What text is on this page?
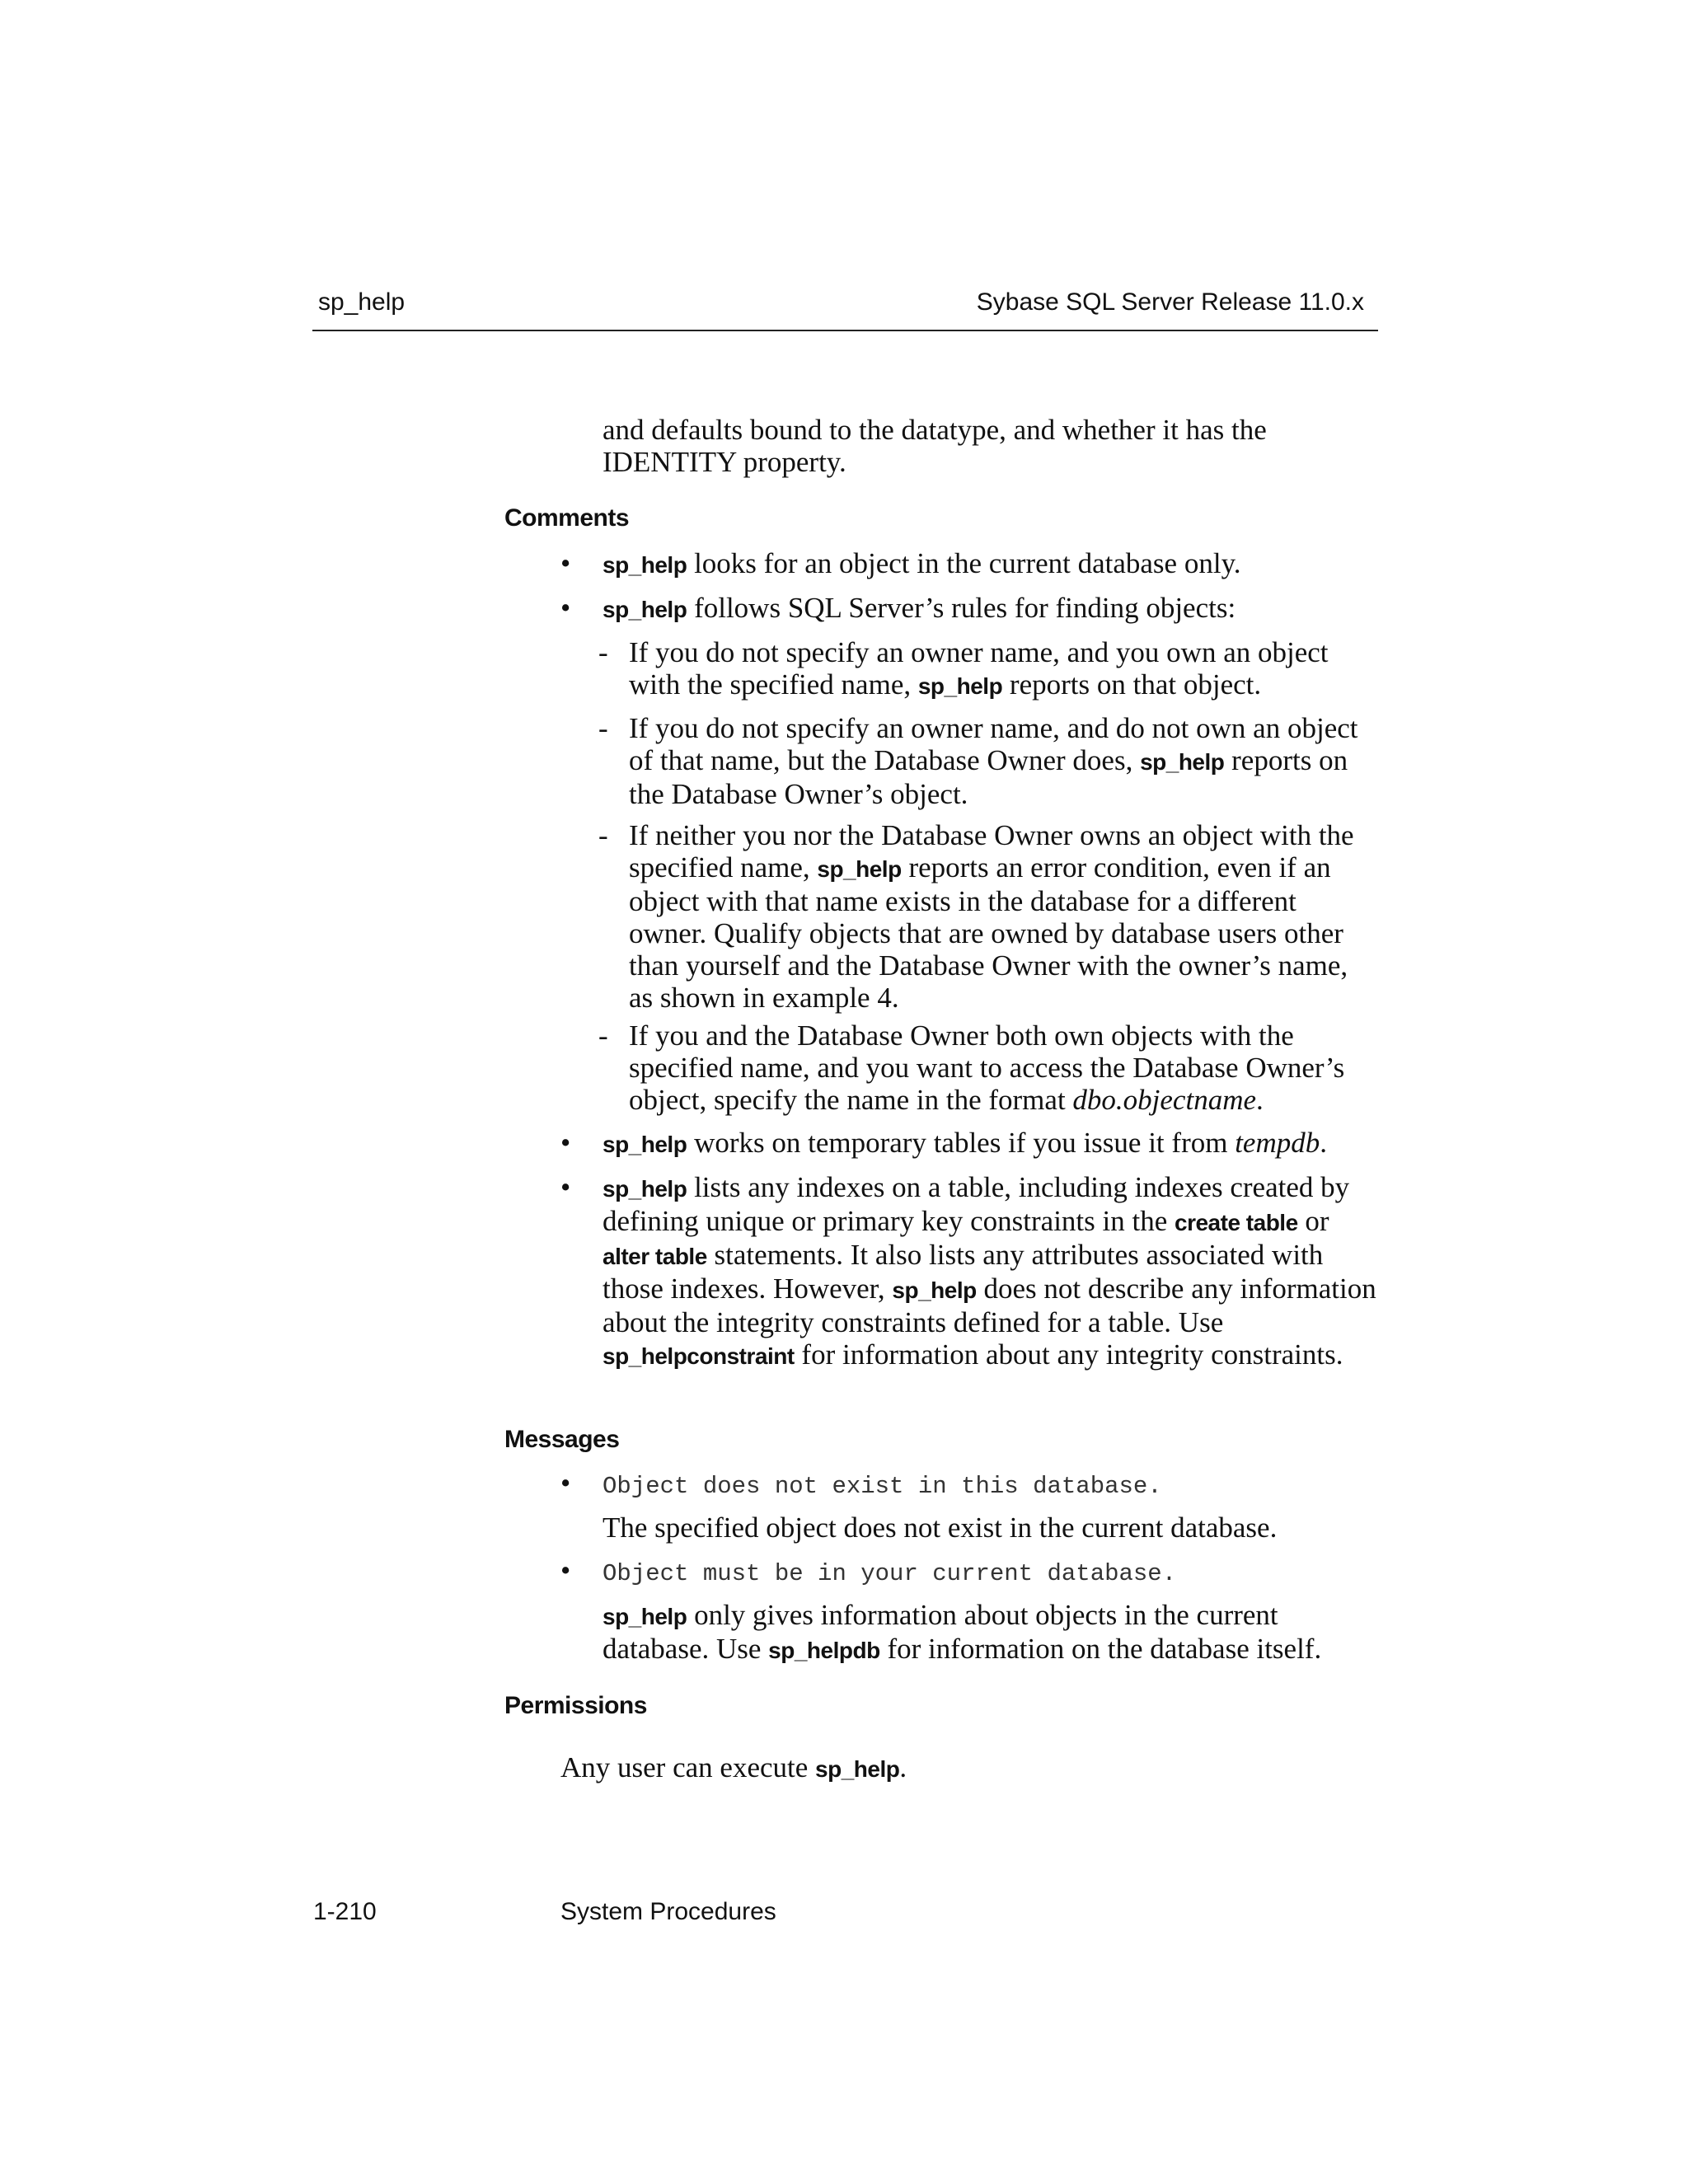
sp_help	Sybase SQL Server Release 11.0.x
and defaults bound to the datatype, and whether it has the
IDENTITY property.
Comments
• sp_help looks for an object in the current database only.
• sp_help follows SQL Server’s rules for finding objects:
- If you do not specify an owner name, and you own an object with the specified name, sp_help reports on that object.
- If you do not specify an owner name, and do not own an object of that name, but the Database Owner does, sp_help reports on the Database Owner’s object.
- If neither you nor the Database Owner owns an object with the specified name, sp_help reports an error condition, even if an object with that name exists in the database for a different owner. Qualify objects that are owned by database users other than yourself and the Database Owner with the owner’s name, as shown in example 4.
- If you and the Database Owner both own objects with the specified name, and you want to access the Database Owner’s object, specify the name in the format dbo.objectname.
• sp_help works on temporary tables if you issue it from tempdb.
• sp_help lists any indexes on a table, including indexes created by defining unique or primary key constraints in the create table or alter table statements. It also lists any attributes associated with those indexes. However, sp_help does not describe any information about the integrity constraints defined for a table. Use sp_helpconstraint for information about any integrity constraints.
Messages
• Object does not exist in this database.
The specified object does not exist in the current database.
• Object must be in your current database.
sp_help only gives information about objects in the current database. Use sp_helpdb for information on the database itself.
Permissions
Any user can execute sp_help.
1-210	System Procedures
